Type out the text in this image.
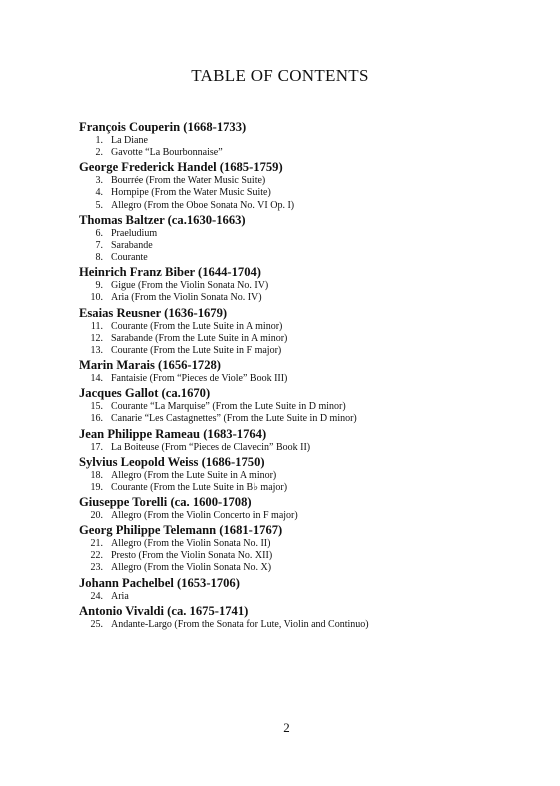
TABLE OF CONTENTS
François Couperin (1668-1733)
1. La Diane
2. Gavotte “La Bourbonnaise”
George Frederick Handel (1685-1759)
3. Bourrée (From the Water Music Suite)
4. Hornpipe (From the Water Music Suite)
5. Allegro (From the Oboe Sonata No. VI Op. I)
Thomas Baltzer (ca.1630-1663)
6. Praeludium
7. Sarabande
8. Courante
Heinrich Franz Biber (1644-1704)
9. Gigue (From the Violin Sonata No. IV)
10. Aria (From the Violin Sonata No. IV)
Esaias Reusner (1636-1679)
11. Courante (From the Lute Suite in A minor)
12. Sarabande (From the Lute Suite in A minor)
13. Courante (From the Lute Suite in F major)
Marin Marais (1656-1728)
14. Fantaisie (From “Pieces de Viole” Book III)
Jacques Gallot (ca.1670)
15. Courante “La Marquise” (From the Lute Suite in D minor)
16. Canarie “Les Castagnettes” (From the Lute Suite in D minor)
Jean Philippe Rameau (1683-1764)
17. La Boiteuse (From “Pieces de Clavecin” Book II)
Sylvius Leopold Weiss (1686-1750)
18. Allegro (From the Lute Suite in A minor)
19. Courante (From the Lute Suite in B♭ major)
Giuseppe Torelli (ca. 1600-1708)
20. Allegro (From the Violin Concerto in F major)
Georg Philippe Telemann (1681-1767)
21. Allegro (From the Violin Sonata No. II)
22. Presto (From the Violin Sonata No. XII)
23. Allegro (From the Violin Sonata No. X)
Johann Pachelbel (1653-1706)
24. Aria
Antonio Vivaldi (ca. 1675-1741)
25. Andante-Largo (From the Sonata for Lute, Violin and Continuo)
2
